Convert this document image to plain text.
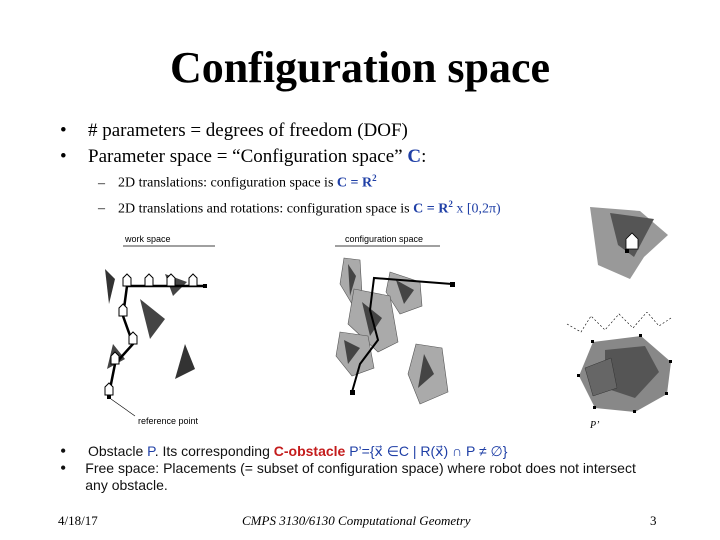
Configuration space
•	# parameters = degrees of freedom (DOF)
•	Parameter space = “Configuration space” C:
– 2D translations: configuration space is $C = R^2$
– 2D translations and rotations: configuration space is $C = R^2$ x [0,2π)
work space
reference point
configuration space
P’
•	Obstacle P. Its corresponding C-obstacle P’={x⃗ ∈C | R(x⃗) ∩ P ≠ ∅}
•	Free space: Placements (= subset of configuration space) where robot does not intersect any obstacle.
4/18/17	CMPS 3130/6130 Computational Geometry	3
